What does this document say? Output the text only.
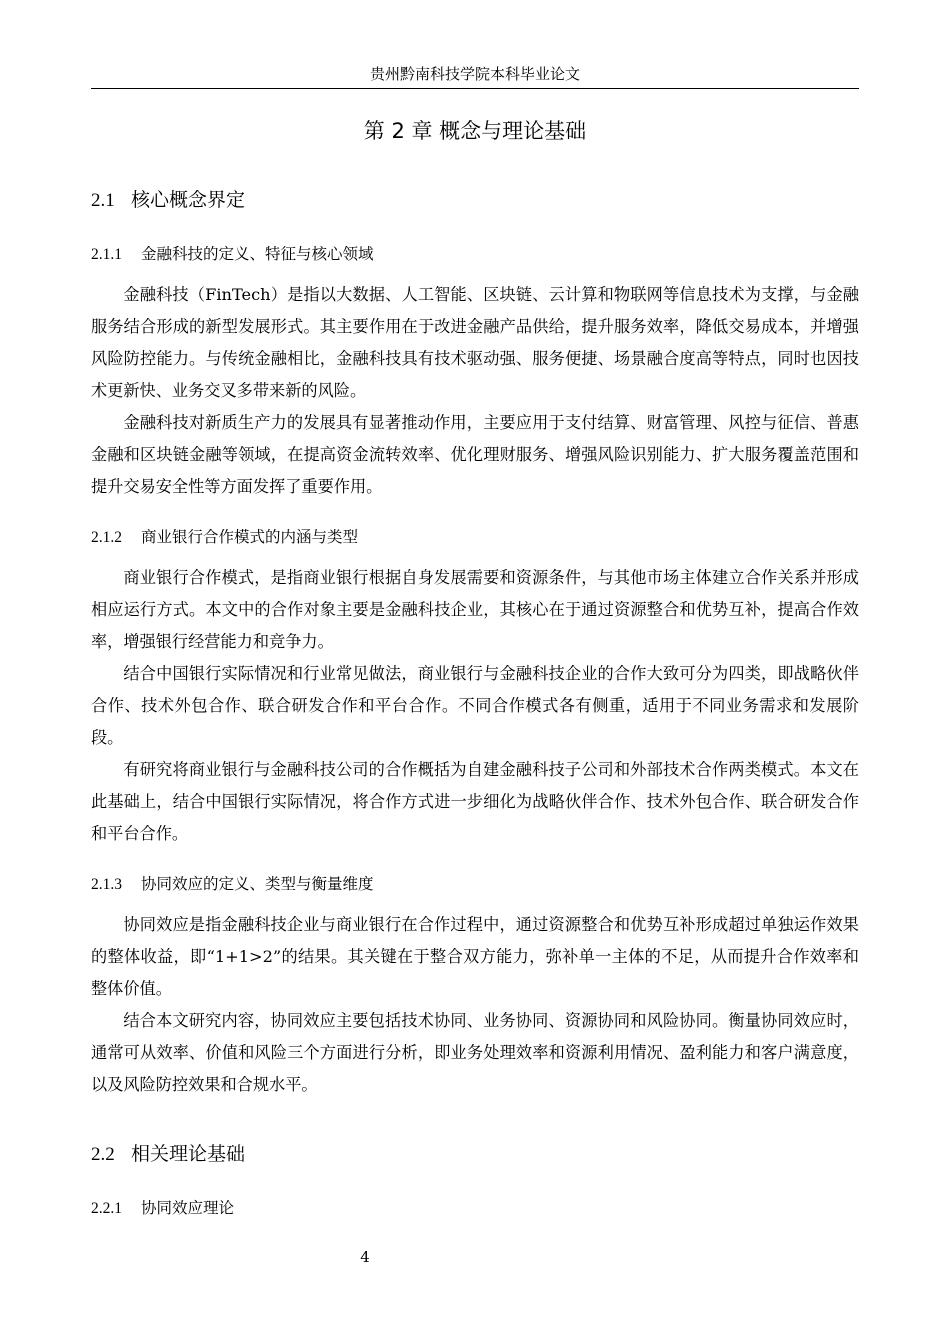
贵州黔南科技学院本科毕业论文
第 2 章 概念与理论基础
2.1 核心概念界定
2.1.1 金融科技的定义、特征与核心领域

金融科技（FinTech）是指以大数据、人工智能、区块链、云计算和物联网等信息技术为支撑，与金融服务结合形成的新型发展形式。其主要作用在于改进金融产品供给，提升服务效率，降低交易成本，并增强风险防控能力。与传统金融相比，金融科技具有技术驱动强、服务便捷、场景融合度高等特点，同时也因技术更新快、业务交叉多带来新的风险。

金融科技对新质生产力的发展具有显著推动作用，主要应用于支付结算、财富管理、风控与征信、普惠金融和区块链金融等领域，在提高资金流转效率、优化理财服务、增强风险识别能力、扩大服务覆盖范围和提升交易安全性等方面发挥了重要作用。

2.1.2 商业银行合作模式的内涵与类型

商业银行合作模式，是指商业银行根据自身发展需要和资源条件，与其他市场主体建立合作关系并形成相应运行方式。本文中的合作对象主要是金融科技企业，其核心在于通过资源整合和优势互补，提高合作效率，增强银行经营能力和竞争力。

结合中国银行实际情况和行业常见做法，商业银行与金融科技企业的合作大致可分为四类，即战略伙伴合作、技术外包合作、联合研发合作和平台合作。不同合作模式各有侧重，适用于不同业务需求和发展阶段。

有研究将商业银行与金融科技公司的合作概括为自建金融科技子公司和外部技术合作两类模式。本文在此基础上，结合中国银行实际情况，将合作方式进一步细化为战略伙伴合作、技术外包合作、联合研发合作和平台合作。

2.1.3 协同效应的定义、类型与衡量维度

协同效应是指金融科技企业与商业银行在合作过程中，通过资源整合和优势互补形成超过单独运作效果的整体收益，即“1+1>2”的结果。其关键在于整合双方能力，弥补单一主体的不足，从而提升合作效率和整体价值。

结合本文研究内容，协同效应主要包括技术协同、业务协同、资源协同和风险协同。衡量协同效应时，通常可从效率、价值和风险三个方面进行分析，即业务处理效率和资源利用情况、盈利能力和客户满意度，以及风险防控效果和合规水平。

2.2 相关理论基础
2.2.1 协同效应理论
4
